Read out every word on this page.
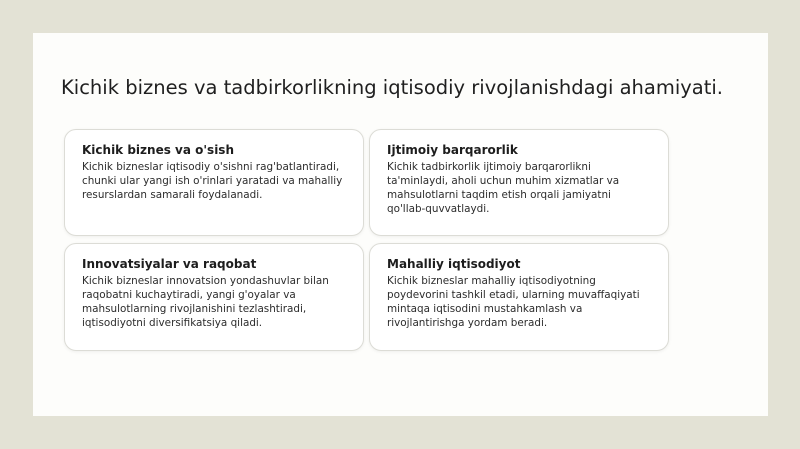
Kichik biznes va tadbirkorlikning iqtisodiy rivojlanishdagi ahamiyati.
Kichik biznes va o'sish

Kichik bizneslar iqtisodiy o'sishni rag'batlantiradi, chunki ular yangi ish o'rinlari yaratadi va mahalliy resurslardan samarali foydalanadi.

Ijtimoiy barqarorlik

Kichik tadbirkorlik ijtimoiy barqarorlikni ta'minlaydi, aholi uchun muhim xizmatlar va mahsulotlarni taqdim etish orqali jamiyatni qo'llab-quvvatlaydi.

Innovatsiyalar va raqobat

Kichik bizneslar innovatsion yondashuvlar bilan raqobatni kuchaytiradi, yangi g'oyalar va mahsulotlarning rivojlanishini tezlashtiradi, iqtisodiyotni diversifikatsiya qiladi.

Mahalliy iqtisodiyot

Kichik bizneslar mahalliy iqtisodiyotning poydevorini tashkil etadi, ularning muvaffaqiyati mintaqa iqtisodini mustahkamlash va rivojlantirishga yordam beradi.
